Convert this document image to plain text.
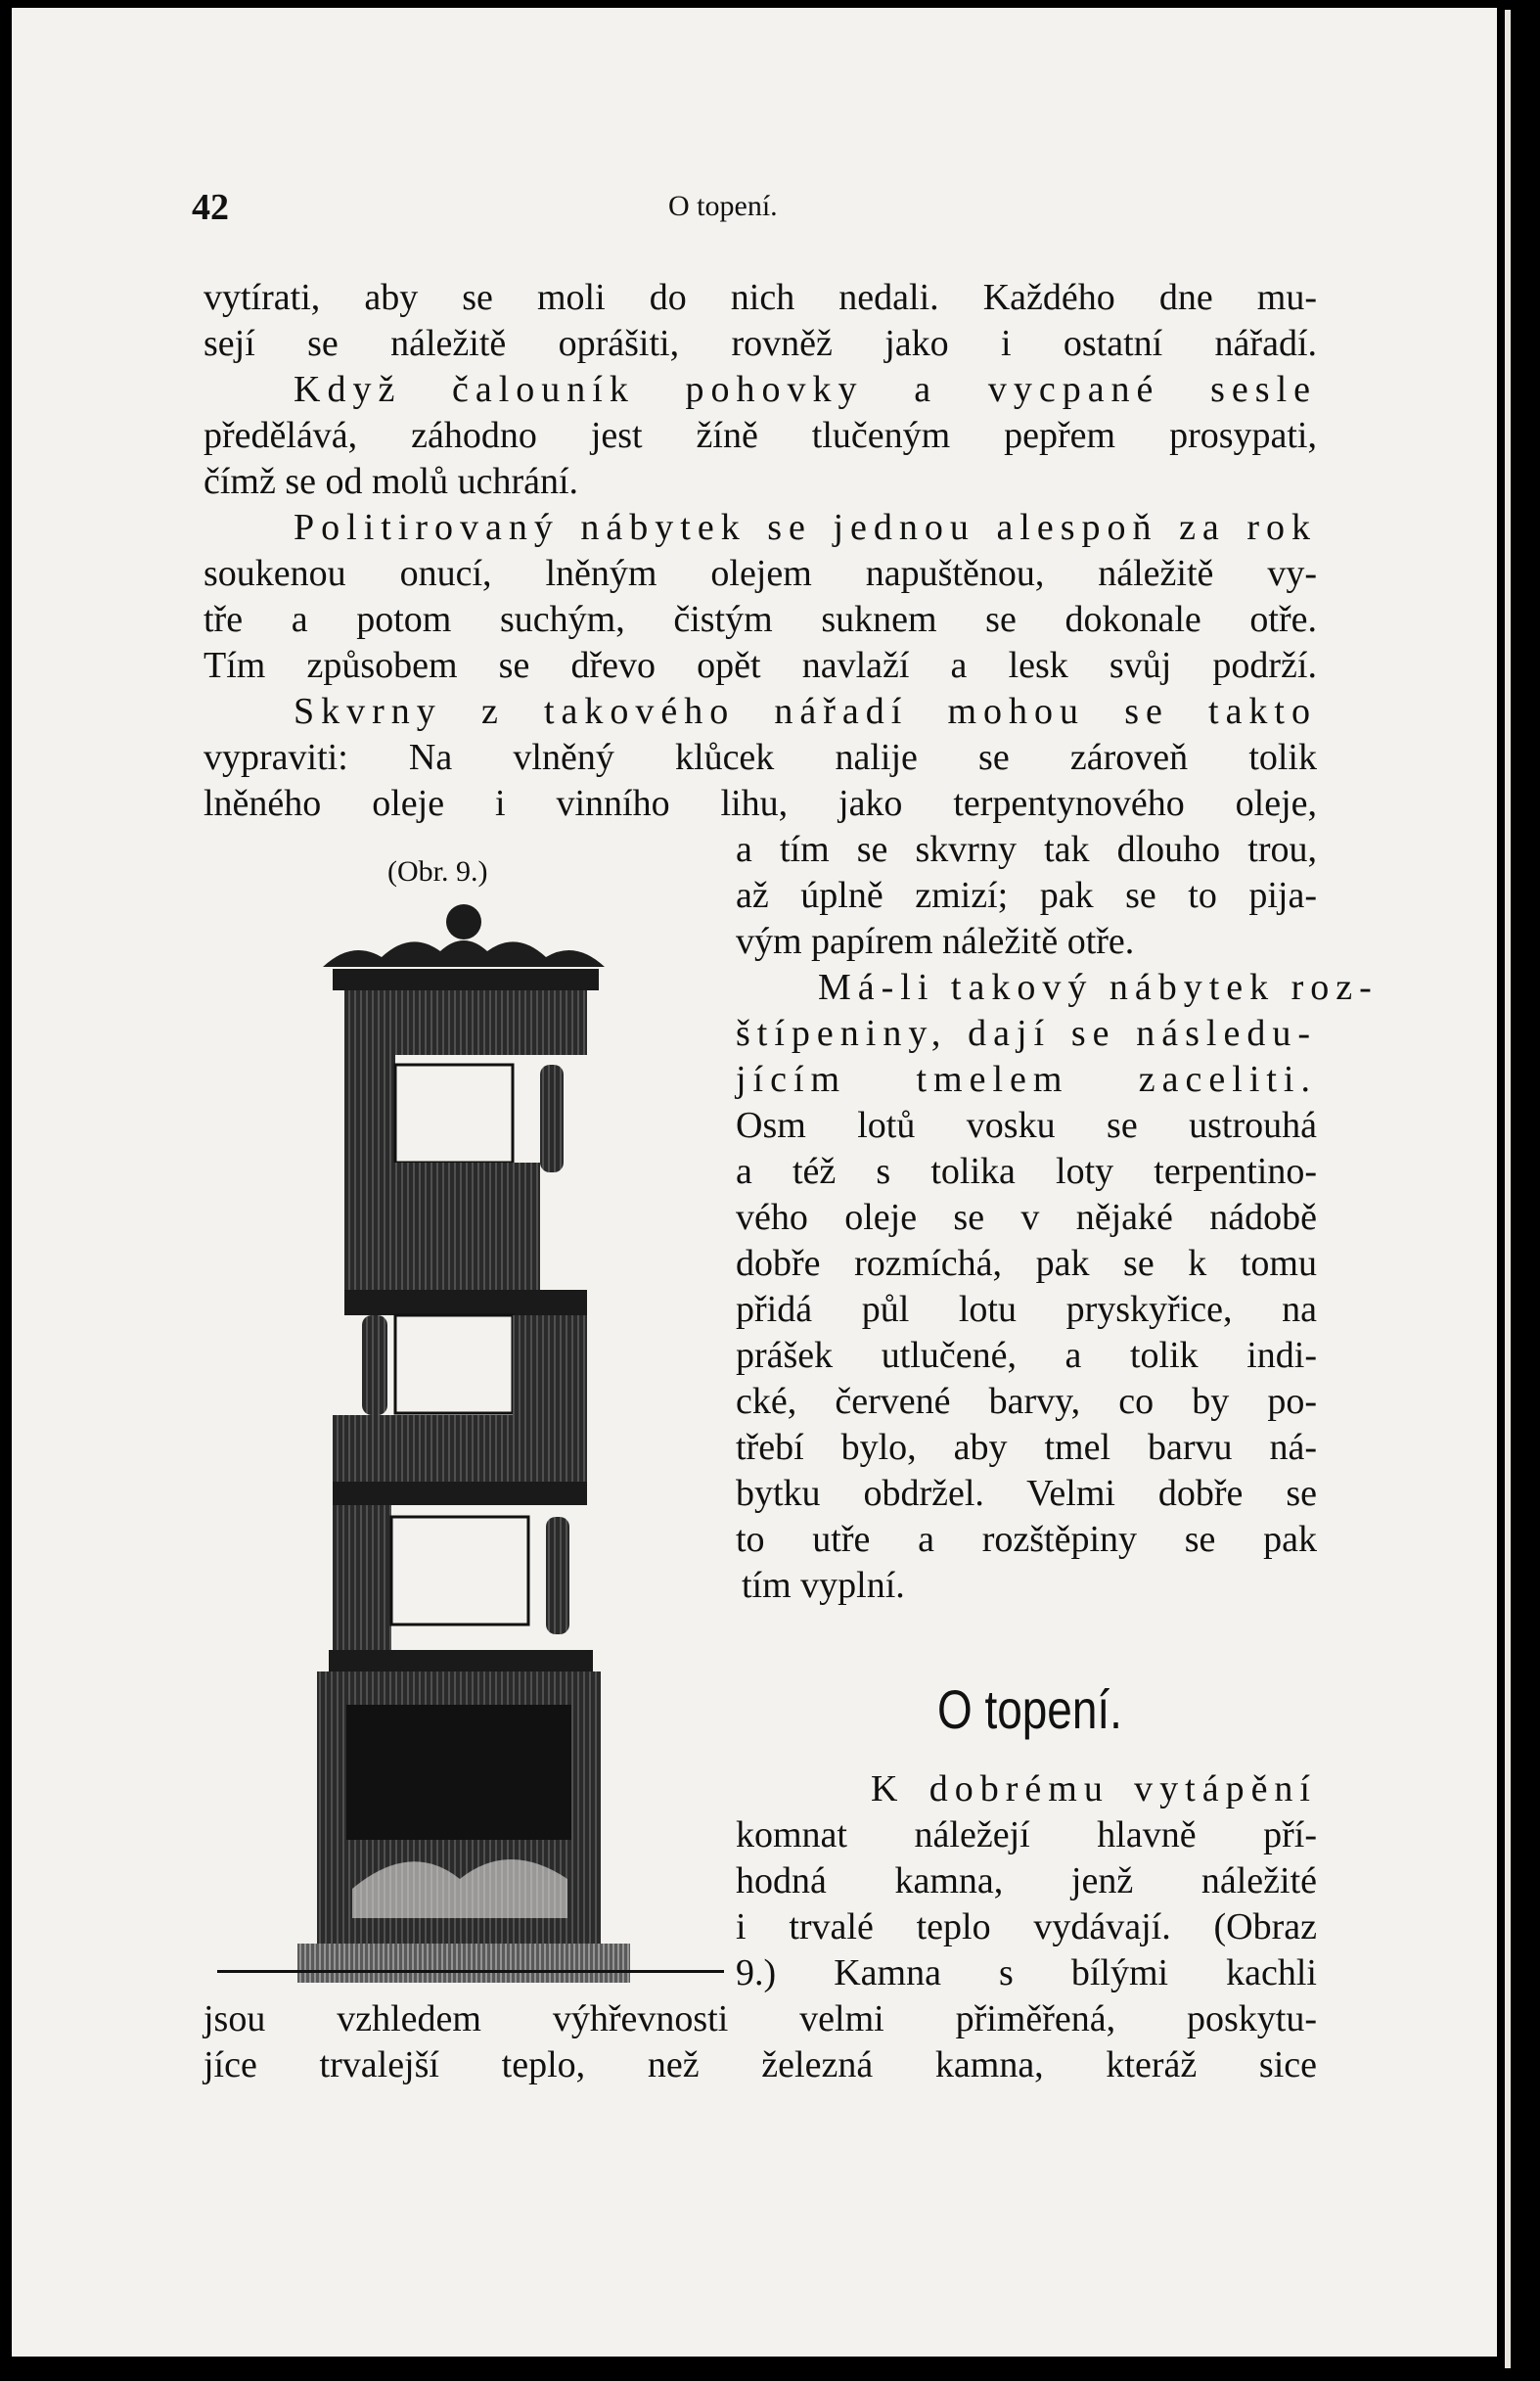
42	O topení.
vytírati, aby se moli do nich nedali. Každého dne mu-
sejí se náležitě oprášiti, rovněž jako i ostatní nářadí.
Když čalouník pohovky a vycpané sesle
předělává, záhodno jest žíně tlučeným pepřem prosypati,
čímž se od molů uchrání.
Politirovaný nábytek se jednou alespoň za rok
soukenou onucí, lněným olejem napuštěnou, náležitě vy-
tře a potom suchým, čistým suknem se dokonale otře.
Tím způsobem se dřevo opět navlaží a lesk svůj podrží.
Skvrny z takového nářadí mohou se takto
vypraviti: Na vlněný klůcek nalije se zároveň tolik
lněného oleje i vinního lihu, jako terpentynového oleje,
a tím se skvrny tak dlouho trou,
až úplně zmizí; pak se to pija-
vým papírem náležitě otře.
Má-li takový nábytek roz-
štípeniny, dají se následu-
jícím tmelem zaceliti.
Osm lotů vosku se ustrouhá
a též s tolika loty terpentino-
vého oleje se v nějaké nádobě
dobře rozmíchá, pak se k tomu
přidá půl lotu pryskyřice, na
prášek utlučené, a tolik indi-
cké, červené barvy, co by po-
třebí bylo, aby tmel barvu ná-
bytku obdržel. Velmi dobře se
to utře a rozštěpiny se pak
tím vyplní.
(Obr. 9.)
O topení.
K dobrému vytápění
komnat náležejí hlavně pří-
hodná kamna, jenž náležité
i trvalé teplo vydávají. (Obraz
9.) Kamna s bílými kachli
jsou vzhledem výhřevnosti velmi přiměřená, poskytu-
jíce trvalejší teplo, než železná kamna, kteráž sice
